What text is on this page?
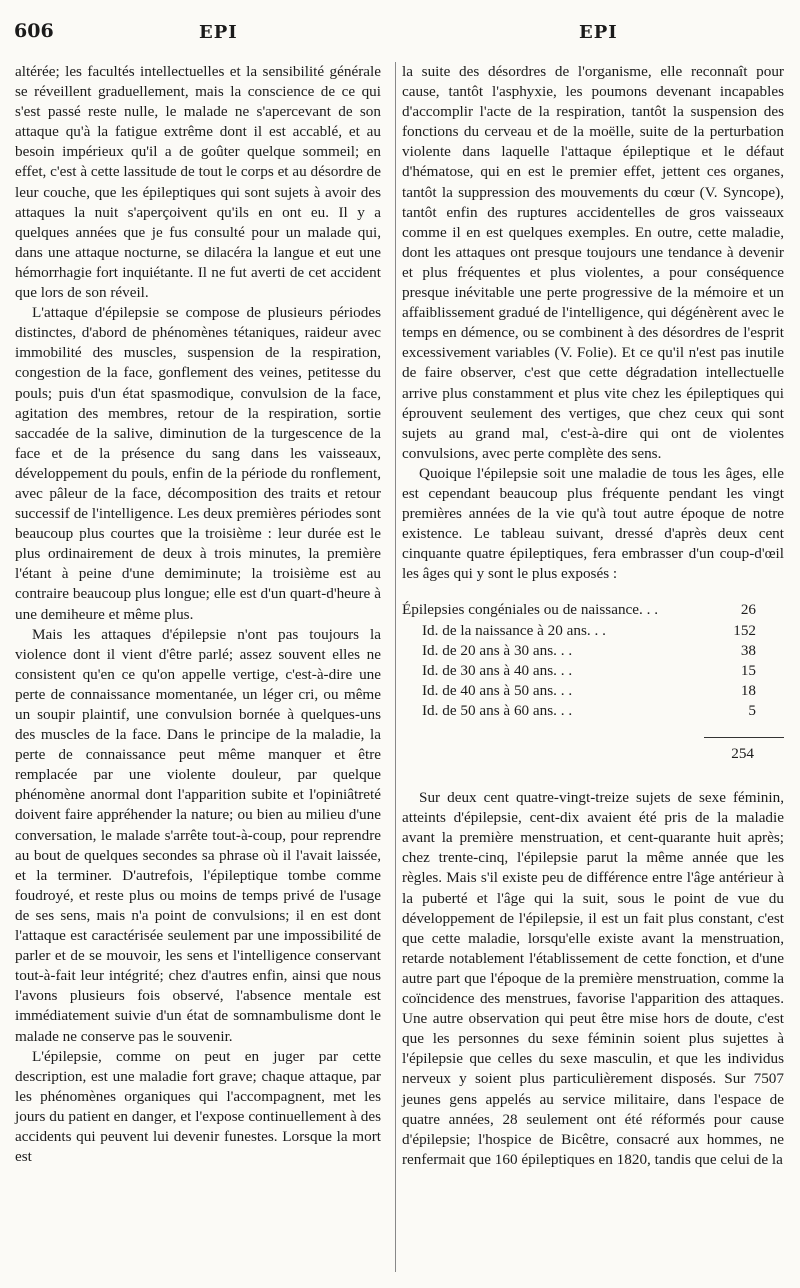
606	EPI	EPI

altérée; les facultés intellectuelles et la sensibilité générale se réveillent graduellement, mais la conscience de ce qui s'est passé reste nulle, le malade ne s'apercevant de son attaque qu'à la fatigue extrême dont il est accablé, et au besoin impérieux qu'il a de goûter quelque sommeil; en effet, c'est à cette lassitude de tout le corps et au désordre de leur couche, que les épileptiques qui sont sujets à avoir des attaques la nuit s'aperçoivent qu'ils en ont eu. Il y a quelques années que je fus consulté pour un malade qui, dans une attaque nocturne, se dilacéra la langue et eut une hémorrhagie fort inquiétante. Il ne fut averti de cet accident que lors de son réveil.

L'attaque d'épilepsie se compose de plusieurs périodes distinctes, d'abord de phénomènes tétaniques, raideur avec immobilité des muscles, suspension de la respiration, congestion de la face, gonflement des veines, petitesse du pouls; puis d'un état spasmodique, convulsion de la face, agitation des membres, retour de la respiration, sortie saccadée de la salive, diminution de la turgescence de la face et de la présence du sang dans les vaisseaux, développement du pouls, enfin de la période du ronflement, avec pâleur de la face, décomposition des traits et retour successif de l'intelligence. Les deux premières périodes sont beaucoup plus courtes que la troisième : leur durée est le plus ordinairement de deux à trois minutes, la première l'étant à peine d'une demiminute; la troisième est au contraire beaucoup plus longue; elle est d'un quart-d'heure à une demiheure et même plus.

Mais les attaques d'épilepsie n'ont pas toujours la violence dont il vient d'être parlé; assez souvent elles ne consistent qu'en ce qu'on appelle vertige, c'est-à-dire une perte de connaissance momentanée, un léger cri, ou même un soupir plaintif, une convulsion bornée à quelques-uns des muscles de la face. Dans le principe de la maladie, la perte de connaissance peut même manquer et être remplacée par une violente douleur, par quelque phénomène anormal dont l'apparition subite et l'opiniâtreté doivent faire appréhender la nature; ou bien au milieu d'une conversation, le malade s'arrête tout-à-coup, pour reprendre au bout de quelques secondes sa phrase où il l'avait laissée, et la terminer. D'autrefois, l'épileptique tombe comme foudroyé, et reste plus ou moins de temps privé de l'usage de ses sens, mais n'a point de convulsions; il en est dont l'attaque est caractérisée seulement par une impossibilité de parler et de se mouvoir, les sens et l'intelligence conservant tout-à-fait leur intégrité; chez d'autres enfin, ainsi que nous l'avons plusieurs fois observé, l'absence mentale est immédiatement suivie d'un état de somnambulisme dont le malade ne conserve pas le souvenir.

L'épilepsie, comme on peut en juger par cette description, est une maladie fort grave; chaque attaque, par les phénomènes organiques qui l'accompagnent, met les jours du patient en danger, et l'expose continuellement à des accidents qui peuvent lui devenir funestes. Lorsque la mort est

la suite des désordres de l'organisme, elle reconnaît pour cause, tantôt l'asphyxie, les poumons devenant incapables d'accomplir l'acte de la respiration, tantôt la suspension des fonctions du cerveau et de la moëlle, suite de la perturbation violente dans laquelle l'attaque épileptique et le défaut d'hématose, qui en est le premier effet, jettent ces organes, tantôt la suppression des mouvements du cœur (V. Syncope), tantôt enfin des ruptures accidentelles de gros vaisseaux comme il en est quelques exemples. En outre, cette maladie, dont les attaques ont presque toujours une tendance à devenir et plus fréquentes et plus violentes, a pour conséquence presque inévitable une perte progressive de la mémoire et un affaiblissement gradué de l'intelligence, qui dégénèrent avec le temps en démence, ou se combinent à des désordres de l'esprit excessivement variables (V. Folie). Et ce qu'il n'est pas inutile de faire observer, c'est que cette dégradation intellectuelle arrive plus constamment et plus vite chez les épileptiques qui éprouvent seulement des vertiges, que chez ceux qui sont sujets au grand mal, c'est-à-dire qui ont de violentes convulsions, avec perte complète des sens.

Quoique l'épilepsie soit une maladie de tous les âges, elle est cependant beaucoup plus fréquente pendant les vingt premières années de la vie qu'à tout autre époque de notre existence. Le tableau suivant, dressé d'après deux cent cinquante quatre épileptiques, fera embrasser d'un coup-d'œil les âges qui y sont le plus exposés :

Épilepsies congéniales ou de naissance. . .	26
Id. de la naissance à 20 ans. . .	152
Id. de 20 ans à 30 ans. . .	38
Id. de 30 ans à 40 ans. . .	15
Id. de 40 ans à 50 ans. . .	18
Id. de 50 ans à 60 ans. . .	5
254

Sur deux cent quatre-vingt-treize sujets de sexe féminin, atteints d'épilepsie, cent-dix avaient été pris de la maladie avant la première menstruation, et cent-quarante huit après; chez trente-cinq, l'épilepsie parut la même année que les règles. Mais s'il existe peu de différence entre l'âge antérieur à la puberté et l'âge qui la suit, sous le point de vue du développement de l'épilepsie, il est un fait plus constant, c'est que cette maladie, lorsqu'elle existe avant la menstruation, retarde notablement l'établissement de cette fonction, et d'une autre part que l'époque de la première menstruation, comme la coïncidence des menstrues, favorise l'apparition des attaques. Une autre observation qui peut être mise hors de doute, c'est que les personnes du sexe féminin soient plus sujettes à l'épilepsie que celles du sexe masculin, et que les individus nerveux y soient plus particulièrement disposés. Sur 7507 jeunes gens appelés au service militaire, dans l'espace de quatre années, 28 seulement ont été réformés pour cause d'épilepsie; l'hospice de Bicêtre, consacré aux hommes, ne renfermait que 160 épileptiques en 1820, tandis que celui de la
